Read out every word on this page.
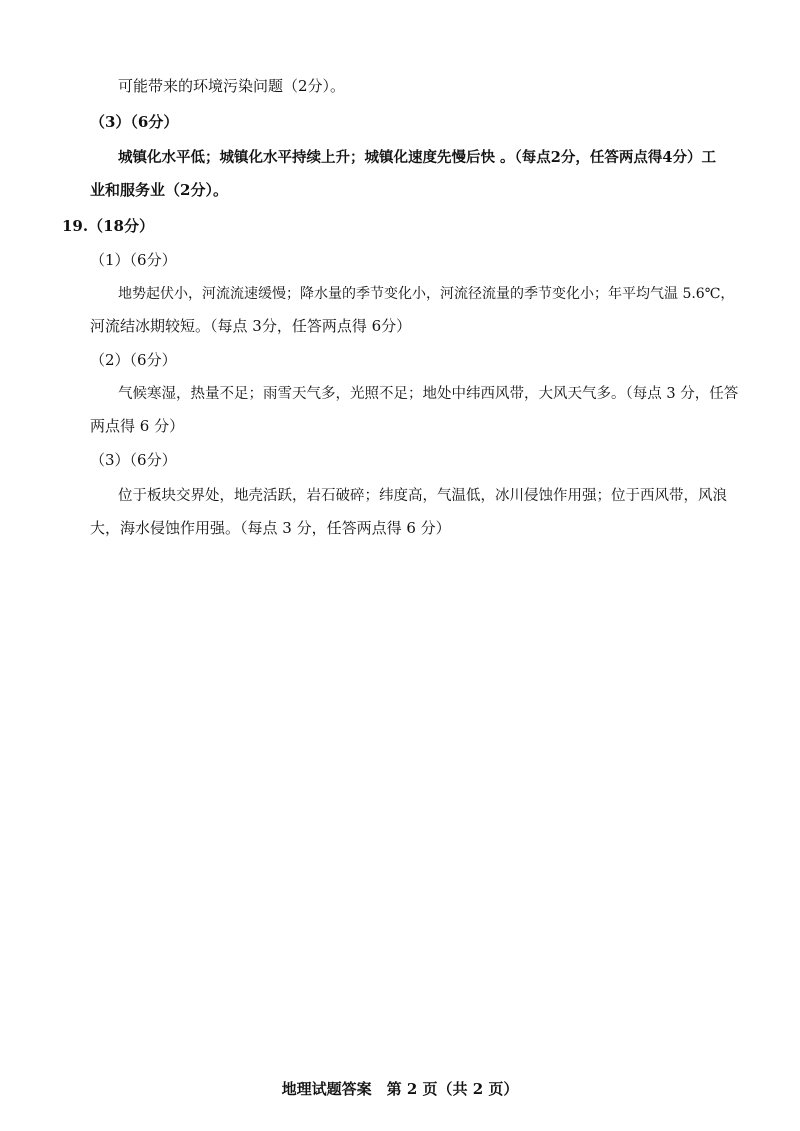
可能带来的环境污染问题（2分）。
（3）（6分）
城镇化水平低；城镇化水平持续上升；城镇化速度先慢后快 。（每点2分，任答两点得4分）工
业和服务业（2分）。
19.（18分）
（1）（6分）
地势起伏小，河流流速缓慢；降水量的季节变化小，河流径流量的季节变化小；年平均气温 5.6℃，
河流结冰期较短。（每点 3分，任答两点得 6分）
（2）（6分）
气候寒湿，热量不足；雨雪天气多，光照不足；地处中纬西风带，大风天气多。（每点 3 分，任答
两点得 6 分）
（3）（6分）
位于板块交界处，地壳活跃，岩石破碎；纬度高，气温低，冰川侵蚀作用强；位于西风带，风浪
大，海水侵蚀作用强。（每点 3 分，任答两点得 6 分）
地理试题答案　第 2 页（共 2 页）
